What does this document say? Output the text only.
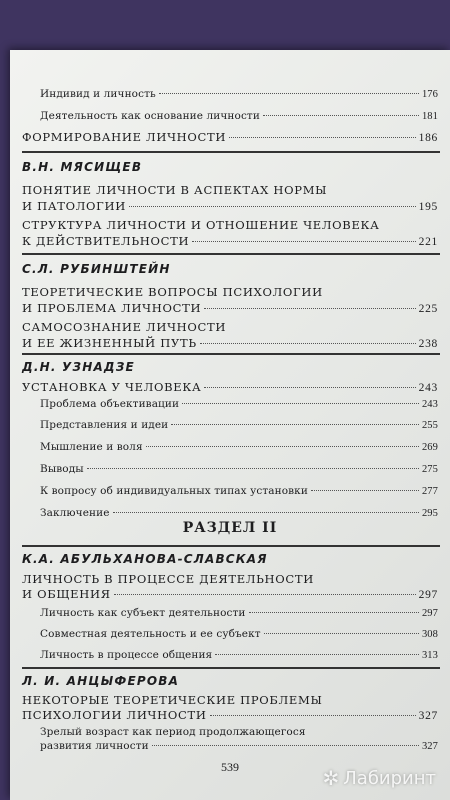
Индивид и личность	176
Деятельность как основание личности	181
ФОРМИРОВАНИЕ ЛИЧНОСТИ	186
В.Н. МЯСИЩЕВ
ПОНЯТИЕ ЛИЧНОСТИ В АСПЕКТАХ НОРМЫ
И ПАТОЛОГИИ	195
СТРУКТУРА ЛИЧНОСТИ И ОТНОШЕНИЕ ЧЕЛОВЕКА
К ДЕЙСТВИТЕЛЬНОСТИ	221
С.Л. РУБИНШТЕЙН
ТЕОРЕТИЧЕСКИЕ ВОПРОСЫ ПСИХОЛОГИИ
И ПРОБЛЕМА ЛИЧНОСТИ	225
САМОСОЗНАНИЕ ЛИЧНОСТИ
И ЕЕ ЖИЗНЕННЫЙ ПУТЬ	238
Д.Н. УЗНАДЗЕ
УСТАНОВКА У ЧЕЛОВЕКА	243
Проблема объективации	243
Представления и идеи	255
Мышление и воля	269
Выводы	275
К вопросу об индивидуальных типах установки	277
Заключение	295
РАЗДЕЛ II
К.А. АБУЛЬХАНОВА-СЛАВСКАЯ
ЛИЧНОСТЬ В ПРОЦЕССЕ ДЕЯТЕЛЬНОСТИ
И ОБЩЕНИЯ	297
Личность как субъект деятельности	297
Совместная деятельность и ее субъект	308
Личность в процессе общения	313
Л. И. АНЦЫФЕРОВА
НЕКОТОРЫЕ ТЕОРЕТИЧЕСКИЕ ПРОБЛЕМЫ
ПСИХОЛОГИИ ЛИЧНОСТИ	327
Зрелый возраст как период продолжающегося
развития личности	327
539	✲ Лабиринт
